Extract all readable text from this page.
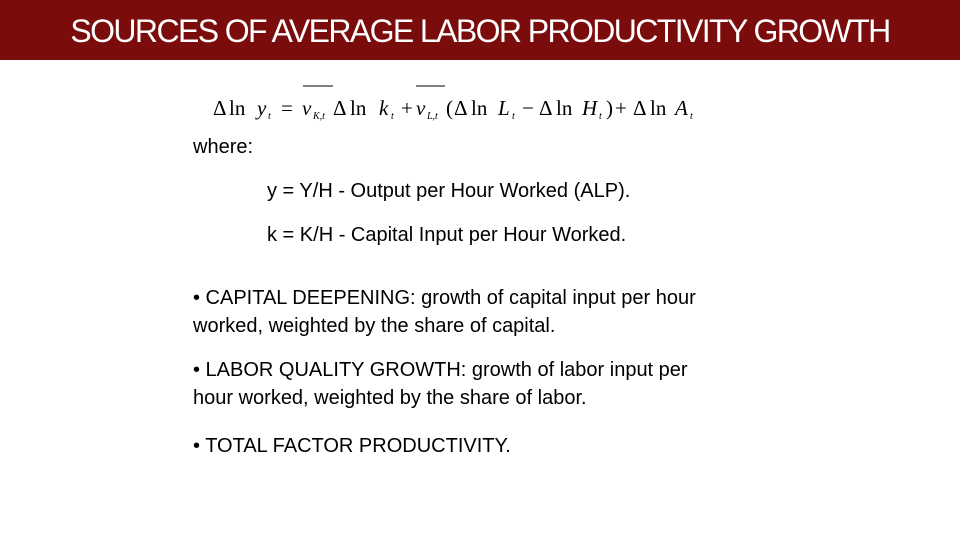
SOURCES OF AVERAGE LABOR PRODUCTIVITY GROWTH
Δ ln y t = v K,t Δ ln k t + v L,t ( Δ ln L t − Δ ln H t ) + Δ ln A t
where:
y = Y/H - Output per Hour Worked (ALP).
k = K/H - Capital Input per Hour Worked.
• CAPITAL DEEPENING: growth of capital input per hour
worked, weighted by the share of capital.
• LABOR QUALITY GROWTH: growth of labor input per
hour worked, weighted by the share of labor.
• TOTAL FACTOR PRODUCTIVITY.
